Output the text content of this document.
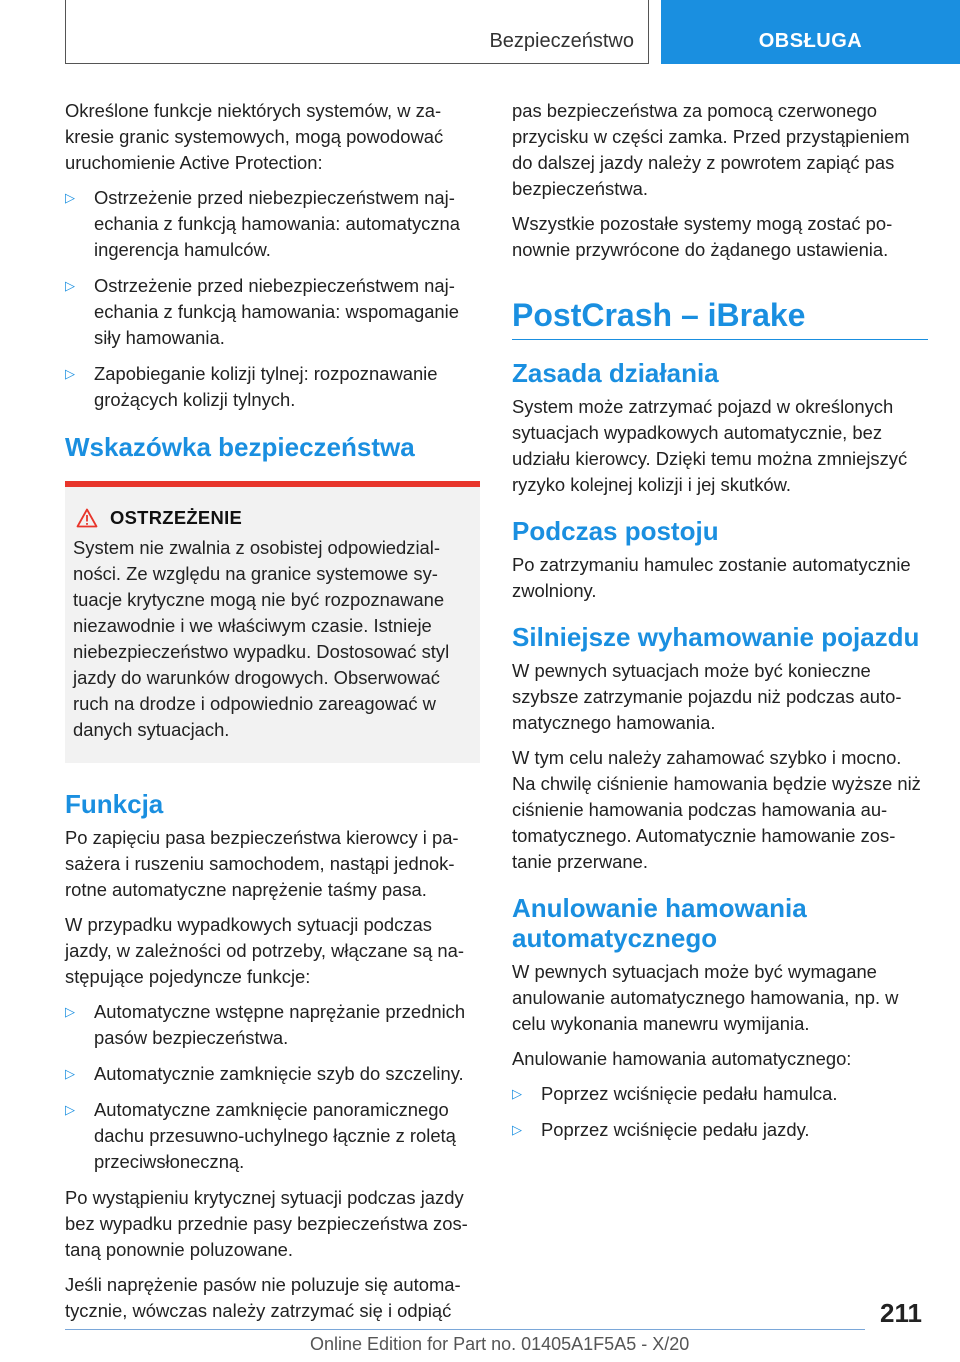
Bezpieczeństwo	OBSŁUGA

Określone funkcje niektórych systemów, w za-kresie granic systemowych, mogą powodować uruchomienie Active Protection:

▷ Ostrzeżenie przed niebezpieczeństwem naj-echania z funkcją hamowania: automatyczna ingerencja hamulców.
▷ Ostrzeżenie przed niebezpieczeństwem naj-echania z funkcją hamowania: wspomaganie siły hamowania.
▷ Zapobieganie kolizji tylnej: rozpoznawanie grożących kolizji tylnych.
Wskazówka bezpieczeństwa
OSTRZEŻENIE

System nie zwalnia z osobistej odpowiedzial-ności. Ze względu na granice systemowe sy-tuacje krytyczne mogą nie być rozpoznawane niezawodnie i we właściwym czasie. Istnieje niebezpieczeństwo wypadku. Dostosować styl jazdy do warunków drogowych. Obserwować ruch na drodze i odpowiednio zareagować w danych sytuacjach.

Funkcja

Po zapięciu pasa bezpieczeństwa kierowcy i pa-sażera i ruszeniu samochodem, nastąpi jednok-rotne automatyczne naprężenie taśmy pasa.

W przypadku wypadkowych sytuacji podczas jazdy, w zależności od potrzeby, włączane są na-stępujące pojedyncze funkcje:

▷ Automatyczne wstępne naprężanie przednich pasów bezpieczeństwa.
▷ Automatycznie zamknięcie szyb do szczeliny.
▷ Automatyczne zamknięcie panoramicznego dachu przesuwno-uchylnego łącznie z roletą przeciwsłoneczną.

Po wystąpieniu krytycznej sytuacji podczas jazdy bez wypadku przednie pasy bezpieczeństwa zos-taną ponownie poluzowane.

Jeśli naprężenie pasów nie poluzuje się automa-tycznie, wówczas należy zatrzymać się i odpiąć

pas bezpieczeństwa za pomocą czerwonego przycisku w części zamka. Przed przystąpieniem do dalszej jazdy należy z powrotem zapiąć pas bezpieczeństwa.

Wszystkie pozostałe systemy mogą zostać po-nownie przywrócone do żądanego ustawienia.

PostCrash – iBrake
Zasada działania

System może zatrzymać pojazd w określonych sytuacjach wypadkowych automatycznie, bez udziału kierowcy. Dzięki temu można zmniejszyć ryzyko kolejnej kolizji i jej skutków.

Podczas postoju

Po zatrzymaniu hamulec zostanie automatycznie zwolniony.

Silniejsze wyhamowanie pojazdu

W pewnych sytuacjach może być konieczne szybsze zatrzymanie pojazdu niż podczas auto-matycznego hamowania.

W tym celu należy zahamować szybko i mocno. Na chwilę ciśnienie hamowania będzie wyższe niż ciśnienie hamowania podczas hamowania au-tomatycznego. Automatycznie hamowanie zos-tanie przerwane.

Anulowanie hamowania automatycznego

W pewnych sytuacjach może być wymagane anulowanie automatycznego hamowania, np. w celu wykonania manewru wymijania.

Anulowanie hamowania automatycznego:

▷ Poprzez wciśnięcie pedału hamulca.
▷ Poprzez wciśnięcie pedału jazdy.
211
Online Edition for Part no. 01405A1F5A5 - X/20
